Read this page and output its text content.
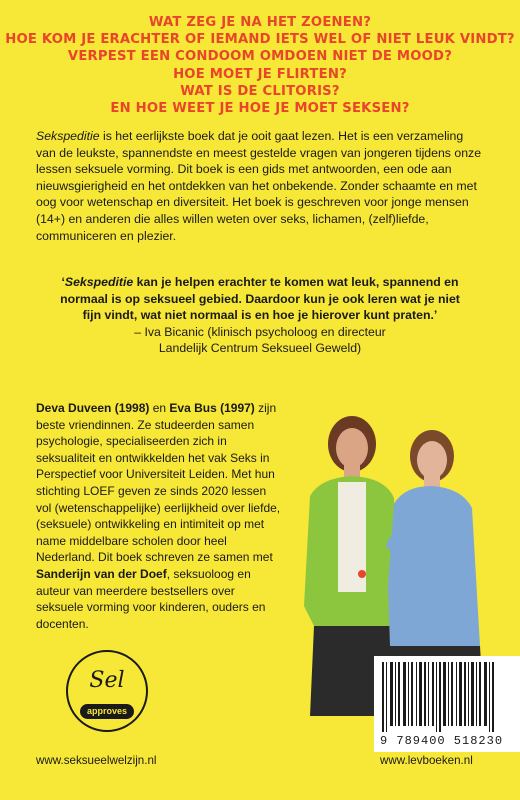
WAT ZEG JE NA HET ZOENEN?
HOE KOM JE ERACHTER OF IEMAND IETS WEL OF NIET LEUK VINDT?
VERPEST EEN CONDOOM OMDOEN NIET DE MOOD?
HOE MOET JE FLIRTEN?
WAT IS DE CLITORIS?
EN HOE WEET JE HOE JE MOET SEKSEN?

Sekspeditie is het eerlijkste boek dat je ooit gaat lezen. Het is een verzameling van de leukste, spannendste en meest gestelde vragen van jongeren tijdens onze lessen seksuele vorming. Dit boek is een gids met antwoorden, een ode aan nieuwsgierigheid en het ontdekken van het onbekende. Zonder schaamte en met oog voor wetenschap en diversiteit. Het boek is geschreven voor jonge mensen (14+) en anderen die alles willen weten over seks, lichamen, (zelf)liefde, communiceren en plezier.

‘Sekspeditie kan je helpen erachter te komen wat leuk, spannend en normaal is op seksueel gebied. Daardoor kun je ook leren wat je niet fijn vindt, wat niet normaal is en hoe je hierover kunt praten.’
– Iva Bicanic (klinisch psycholoog en directeur
Landelijk Centrum Seksueel Geweld)
Deva Duveen (1998) en Eva Bus (1997) zijn beste vriendinnen. Ze studeerden samen psychologie, specialiseerden zich in seksualiteit en ontwikkelden het vak Seks in Perspectief voor Universiteit Leiden. Met hun stichting LOEF geven ze sinds 2020 lessen vol (wetenschappelijke) eerlijkheid over liefde, (seksuele) ontwikkeling en intimiteit op met name middelbare scholen door heel Nederland. Dit boek schreven ze samen met Sanderijn van der Doef, seksuoloog en auteur van meerdere bestsellers over seksuele vorming voor kinderen, ouders en docenten.
Sel
approves
9 789400 518230
www.seksueelwelzijn.nl	www.levboeken.nl
